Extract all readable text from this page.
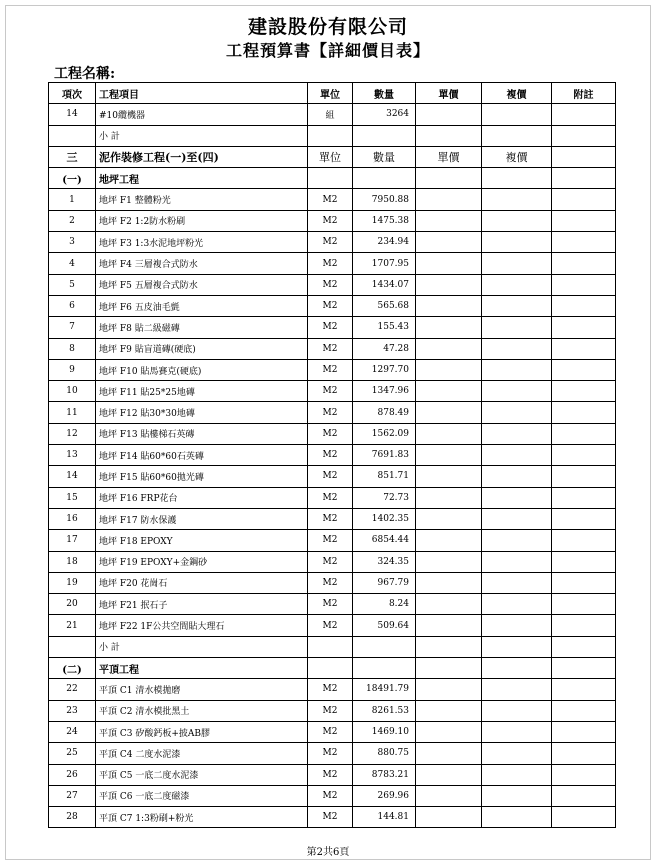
建設股份有限公司
工程預算書【詳細價目表】
工程名稱:
項次	工程項目	單位	數量	單價	複價	附註
14	#10纜機器	組	3264			
	小 計					
三	泥作裝修工程(一)至(四)	單位	數量	單價	複價	
(一)	地坪工程					
1	地坪 F1 整體粉光	M2	7950.88			
2	地坪 F2 1:2防水粉刷	M2	1475.38			
3	地坪 F3 1:3水泥地坪粉光	M2	234.94			
4	地坪 F4 三層複合式防水	M2	1707.95			
5	地坪 F5 五層複合式防水	M2	1434.07			
6	地坪 F6 五皮油毛氈	M2	565.68			
7	地坪 F8 貼二級磁磚	M2	155.43			
8	地坪 F9 貼盲道磚(硬底)	M2	47.28			
9	地坪 F10 貼馬賽克(硬底)	M2	1297.70			
10	地坪 F11 貼25*25地磚	M2	1347.96			
11	地坪 F12 貼30*30地磚	M2	878.49			
12	地坪 F13 貼樓梯石英磚	M2	1562.09			
13	地坪 F14 貼60*60石英磚	M2	7691.83			
14	地坪 F15 貼60*60拋光磚	M2	851.71			
15	地坪 F16 FRP花台	M2	72.73			
16	地坪 F17 防水保護	M2	1402.35			
17	地坪 F18 EPOXY	M2	6854.44			
18	地坪 F19 EPOXY+金鋼砂	M2	324.35			
19	地坪 F20 花崗石	M2	967.79			
20	地坪 F21 抿石子	M2	8.24			
21	地坪 F22 1F公共空間貼大理石	M2	509.64			
	小 計					
(二)	平頂工程					
22	平頂 C1 清水模拋磨	M2	18491.79			
23	平頂 C2 清水模批黑土	M2	8261.53			
24	平頂 C3 矽酸鈣板+披AB膠	M2	1469.10			
25	平頂 C4 二度水泥漆	M2	880.75			
26	平頂 C5 一底二度水泥漆	M2	8783.21			
27	平頂 C6 一底二度磁漆	M2	269.96			
28	平頂 C7 1:3粉刷+粉光	M2	144.81			
第2共6頁
